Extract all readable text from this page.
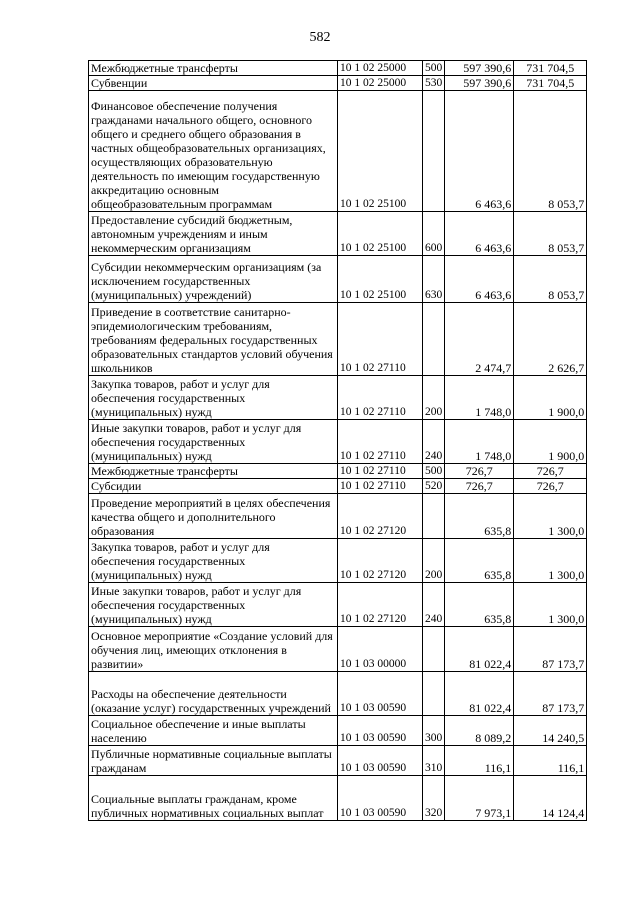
582
Межбюджетные трансферты	10 1 02 25000	500	597 390,6	731 704,5
Субвенции	10 1 02 25000	530	597 390,6	731 704,5
Финансовое обеспечение получения гражданами начального общего, основного общего и среднего общего образования в частных общеобразовательных организациях, осуществляющих образовательную деятельность по имеющим государственную аккредитацию основным общеобразовательным программам	10 1 02 25100		6 463,6	8 053,7
Предоставление субсидий бюджетным, автономным учреждениям и иным некоммерческим организациям	10 1 02 25100	600	6 463,6	8 053,7
Субсидии некоммерческим организациям (за исключением государственных (муниципальных) учреждений)	10 1 02 25100	630	6 463,6	8 053,7
Приведение в соответствие санитарно-эпидемиологическим требованиям, требованиям федеральных государственных образовательных стандартов условий обучения школьников	10 1 02 27110		2 474,7	2 626,7
Закупка товаров, работ и услуг для обеспечения государственных (муниципальных) нужд	10 1 02 27110	200	1 748,0	1 900,0
Иные закупки товаров, работ и услуг для обеспечения государственных (муниципальных) нужд	10 1 02 27110	240	1 748,0	1 900,0
Межбюджетные трансферты	10 1 02 27110	500	726,7	726,7
Субсидии	10 1 02 27110	520	726,7	726,7
Проведение мероприятий в целях обеспечения качества общего и дополнительного образования	10 1 02 27120		635,8	1 300,0
Закупка товаров, работ и услуг для обеспечения государственных (муниципальных) нужд	10 1 02 27120	200	635,8	1 300,0
Иные закупки товаров, работ и услуг для обеспечения государственных (муниципальных) нужд	10 1 02 27120	240	635,8	1 300,0
Основное мероприятие «Создание условий для обучения лиц, имеющих отклонения в развитии»	10 1 03 00000		81 022,4	87 173,7
Расходы на обеспечение деятельности (оказание услуг) государственных учреждений	10 1 03 00590		81 022,4	87 173,7
Социальное обеспечение и иные выплаты населению	10 1 03 00590	300	8 089,2	14 240,5
Публичные нормативные социальные выплаты гражданам	10 1 03 00590	310	116,1	116,1
Социальные выплаты гражданам, кроме публичных нормативных социальных выплат	10 1 03 00590	320	7 973,1	14 124,4
